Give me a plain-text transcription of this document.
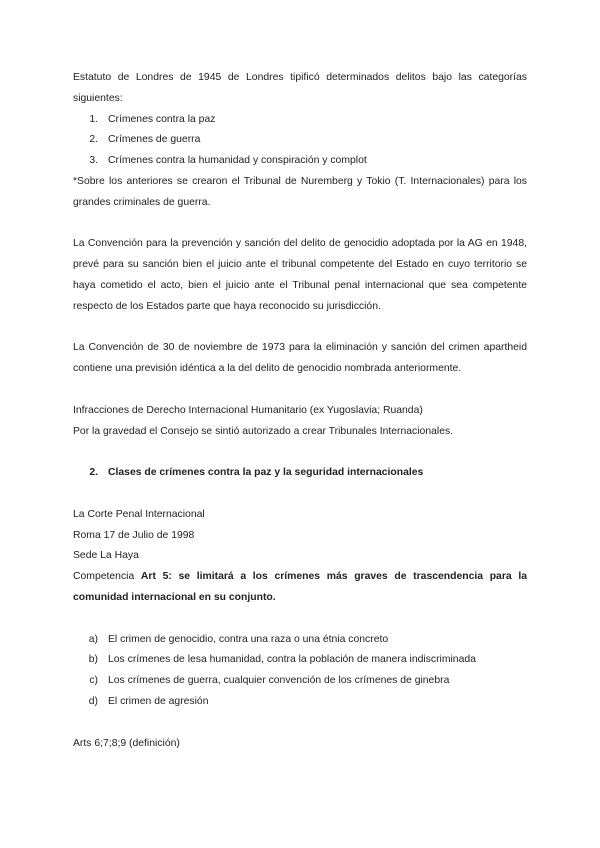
Estatuto de Londres de 1945 de Londres tipificó determinados delitos bajo las categorías

siguientes:

1. Crímenes contra la paz
2. Crímenes de guerra
3. Crímenes contra la humanidad y conspiración y complot

*Sobre los anteriores se crearon el Tribunal de Nuremberg y Tokio (T. Internacionales) para los

grandes criminales de guerra.

La Convención para la prevención y sanción del delito de genocidio adoptada por la AG en 1948,

prevé para su sanción bien el juicio ante el tribunal competente del Estado en cuyo territorio se

haya cometido el acto, bien el juicio ante el Tribunal penal internacional que sea competente

respecto de los Estados parte que haya reconocido su jurisdicción.

La Convención de 30 de noviembre de 1973 para la eliminación y sanción del crimen apartheid

contiene una previsión idéntica a la del delito de genocidio nombrada anteriormente.

Infracciones de Derecho Internacional Humanitario (ex Yugoslavia; Ruanda)

Por la gravedad el Consejo se sintió autorizado a crear Tribunales Internacionales.

2. Clases de crímenes contra la paz y la seguridad internacionales

La Corte Penal Internacional

Roma 17 de Julio de 1998

Sede La Haya

Competencia Art 5: se limitará a los crímenes más graves de trascendencia para la

comunidad internacional en su conjunto.

a) El crimen de genocidio, contra una raza o una étnia concreto
b) Los crímenes de lesa humanidad, contra la población de manera indiscriminada
c) Los crímenes de guerra, cualquier convención de los crímenes de ginebra
d) El crimen de agresión

Arts 6;7;8;9 (definición)
